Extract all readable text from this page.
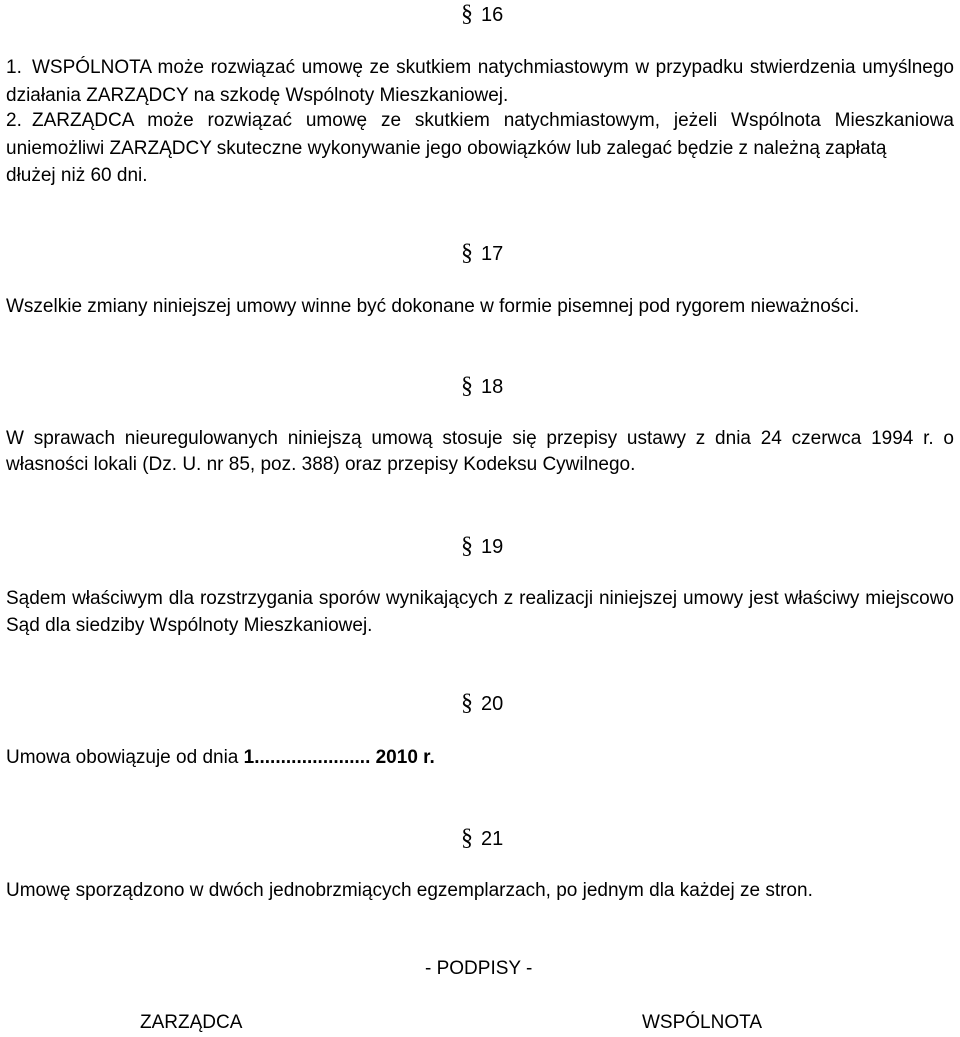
§ 16
1. WSPÓLNOTA może rozwiązać umowę ze skutkiem natychmiastowym w przypadku stwierdzenia umyślnego
działania ZARZĄDCY na szkodę Wspólnoty Mieszkaniowej.
2. ZARZĄDCA może rozwiązać umowę ze skutkiem natychmiastowym, jeżeli Wspólnota Mieszkaniowa
uniemożliwi ZARZĄDCY skuteczne wykonywanie jego obowiązków lub zalegać będzie z należną zapłatą
dłużej niż 60 dni.
§ 17
Wszelkie zmiany niniejszej umowy winne być dokonane w formie pisemnej pod rygorem nieważności.
§ 18
W sprawach nieuregulowanych niniejszą umową stosuje się przepisy ustawy z dnia 24 czerwca 1994 r. o
własności lokali (Dz. U. nr 85, poz. 388) oraz przepisy Kodeksu Cywilnego.
§ 19
Sądem właściwym dla rozstrzygania sporów wynikających z realizacji niniejszej umowy jest właściwy miejscowo
Sąd dla siedziby Wspólnoty Mieszkaniowej.
§ 20
Umowa obowiązuje od dnia 1...................... 2010 r.
§ 21
Umowę sporządzono w dwóch jednobrzmiących egzemplarzach, po jednym dla każdej ze stron.
- PODPISY -
ZARZĄDCA	WSPÓLNOTA
